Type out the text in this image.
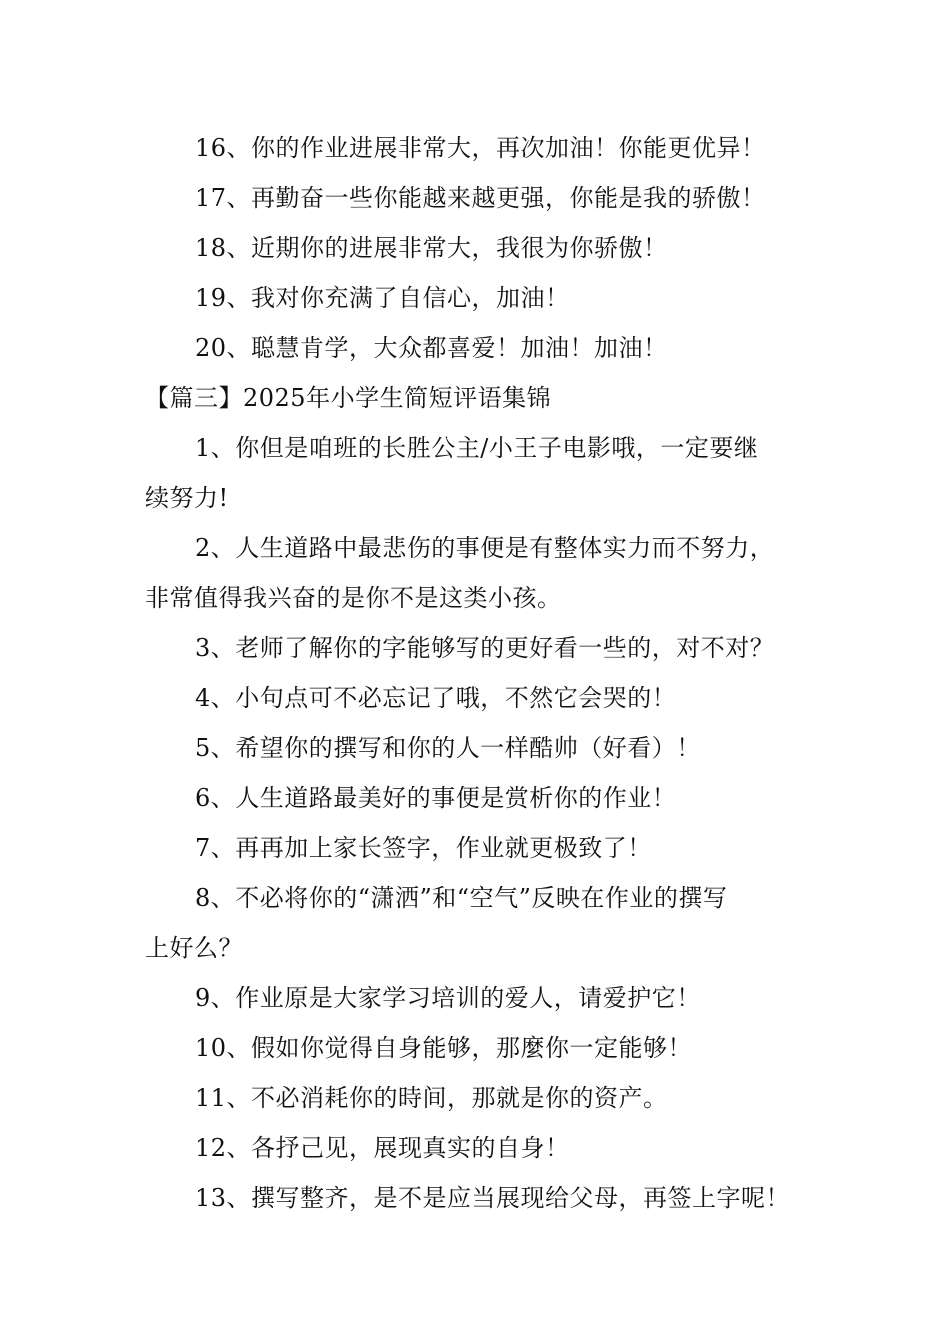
16、你的作业进展非常大，再次加油！你能更优异！
17、再勤奋一些你能越来越更强，你能是我的骄傲！
18、近期你的进展非常大，我很为你骄傲！
19、我对你充满了自信心，加油！
20、聪慧肯学，大众都喜爱！加油！加油！
【篇三】2025年小学生简短评语集锦
1、你但是咱班的长胜公主/小王子电影哦，一定要继
续努力!
2、人生道路中最悲伤的事便是有整体实力而不努力，
非常值得我兴奋的是你不是这类小孩。
3、老师了解你的字能够写的更好看一些的，对不对？
4、小句点可不必忘记了哦，不然它会哭的！
5、希望你的撰写和你的人一样酷帅（好看）！
6、人生道路最美好的事便是赏析你的作业！
7、再再加上家长签字，作业就更极致了！
8、不必将你的“潇洒”和“空气”反映在作业的撰写
上好么？
9、作业原是大家学习培训的爱人，请爱护它！
10、假如你觉得自身能够，那麼你一定能够！
11、不必消耗你的時间，那就是你的资产。
12、各抒己见，展现真实的自身！
13、撰写整齐，是不是应当展现给父母，再签上字呢！
